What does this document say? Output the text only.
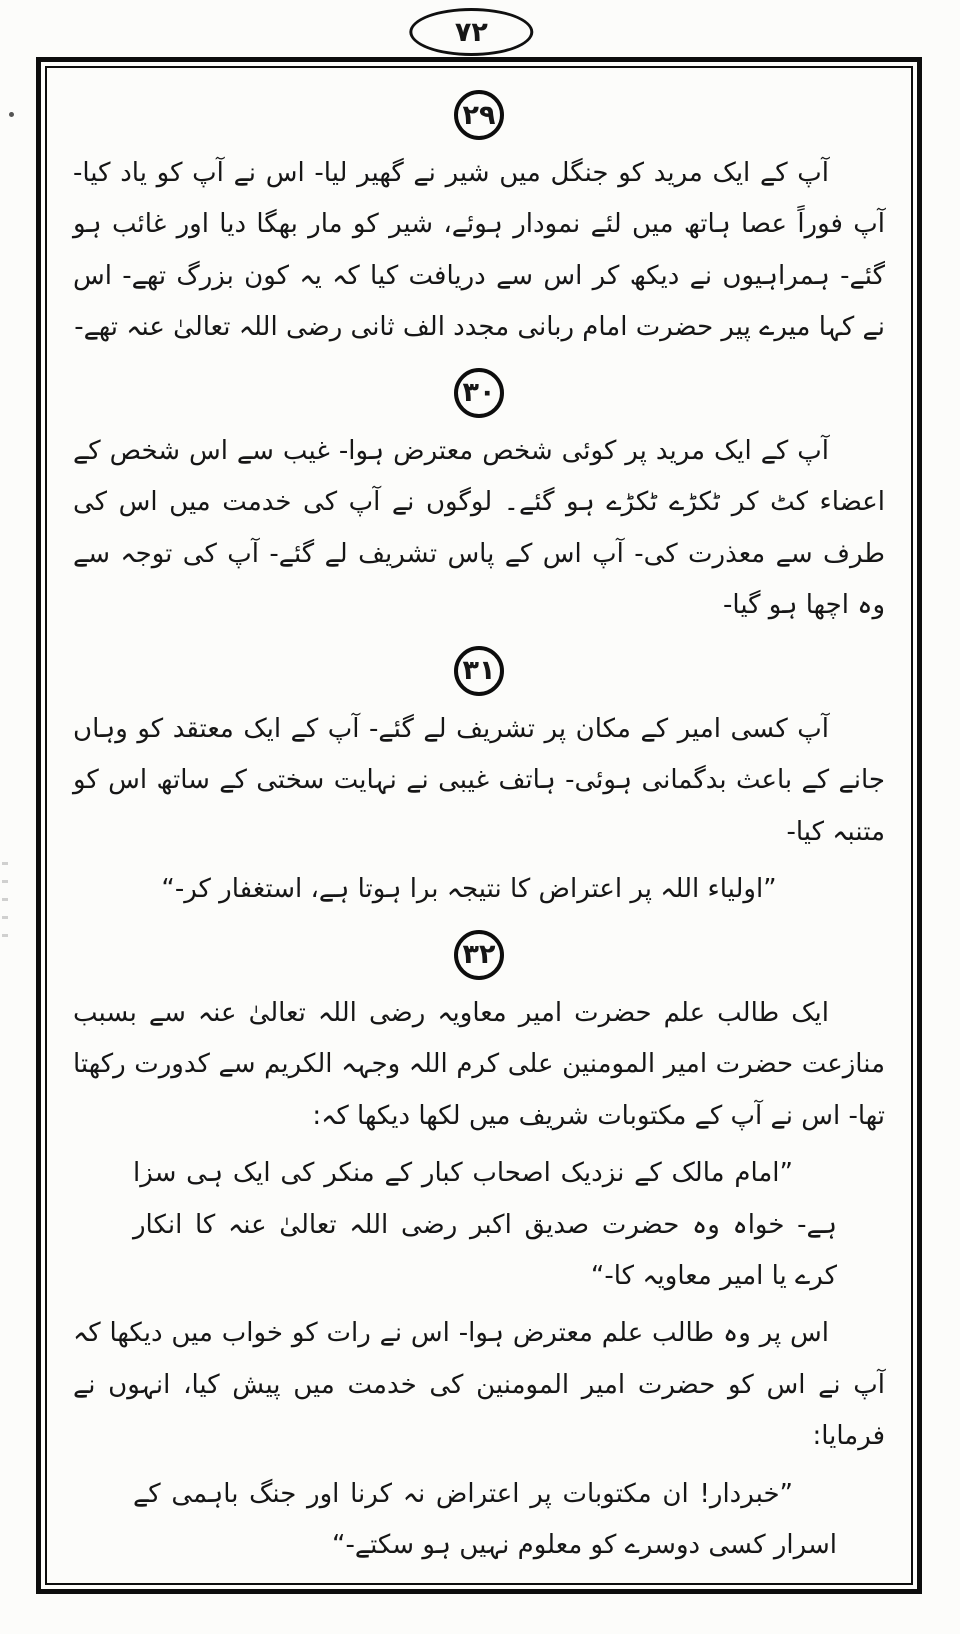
۷۲
۲۹

آپ کے ایک مرید کو جنگل میں شیر نے گھیر لیا- اس نے آپ کو یاد کیا- آپ فوراً عصا ہاتھ میں لئے نمودار ہوئے، شیر کو مار بھگا دیا اور غائب ہو گئے- ہمراہیوں نے دیکھ کر اس سے دریافت کیا کہ یہ کون بزرگ تھے- اس نے کہا میرے پیر حضرت امام ربانی مجدد الف ثانی رضی اللہ تعالیٰ عنہ تھے-

۳۰

آپ کے ایک مرید پر کوئی شخص معترض ہوا- غیب سے اس شخص کے اعضاء کٹ کر ٹکڑے ٹکڑے ہو گئے۔ لوگوں نے آپ کی خدمت میں اس کی طرف سے معذرت کی- آپ اس کے پاس تشریف لے گئے- آپ کی توجہ سے وہ اچھا ہو گیا-

۳۱

آپ کسی امیر کے مکان پر تشریف لے گئے- آپ کے ایک معتقد کو وہاں جانے کے باعث بدگمانی ہوئی- ہاتف غیبی نے نہایت سختی کے ساتھ اس کو متنبہ کیا-

”اولیاء اللہ پر اعتراض کا نتیجہ برا ہوتا ہے، استغفار کر-“

۳۲

ایک طالب علم حضرت امیر معاویہ رضی اللہ تعالیٰ عنہ سے بسبب منازعت حضرت امیر المومنین علی کرم اللہ وجہہ الکریم سے کدورت رکھتا تھا- اس نے آپ کے مکتوبات شریف میں لکھا دیکھا کہ:

”امام مالک کے نزدیک اصحاب کبار کے منکر کی ایک ہی سزا ہے- خواہ وہ حضرت صدیق اکبر رضی اللہ تعالیٰ عنہ کا انکار کرے یا امیر معاویہ کا-“

اس پر وہ طالب علم معترض ہوا- اس نے رات کو خواب میں دیکھا کہ آپ نے اس کو حضرت امیر المومنین کی خدمت میں پیش کیا، انہوں نے فرمایا:

”خبردار! ان مکتوبات پر اعتراض نہ کرنا اور جنگ باہمی کے اسرار کسی دوسرے کو معلوم نہیں ہو سکتے-“
